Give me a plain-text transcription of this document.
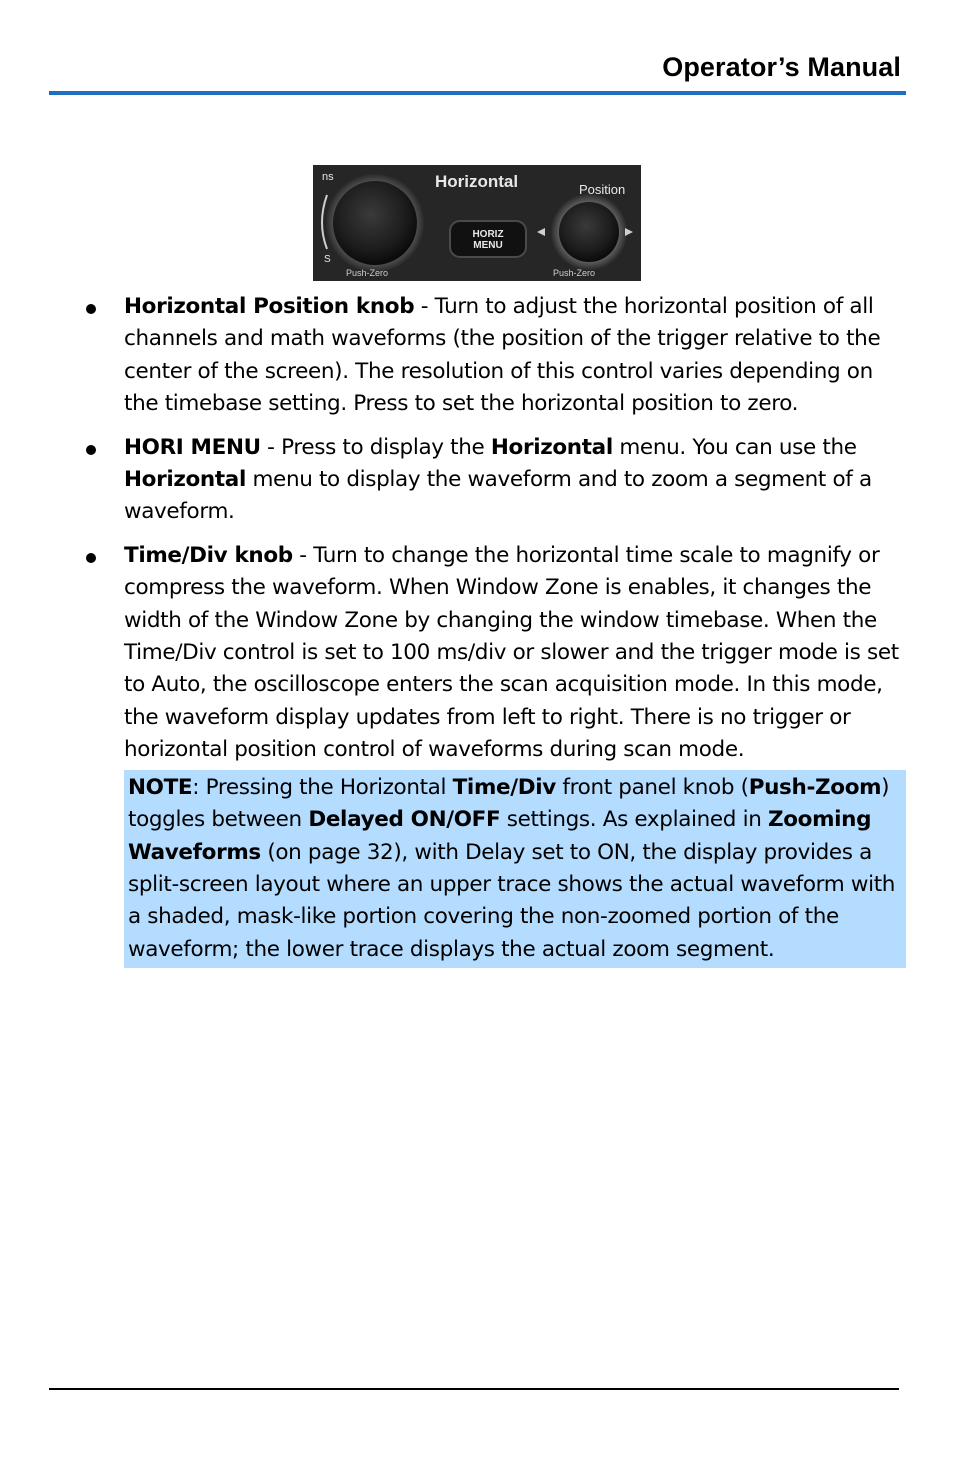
Operator’s Manual
HORIZ
MENU
Horizontal	Position
ns
S
Push-Zero	Push-Zero
Horizontal Position knob - Turn to adjust the horizontal position of all channels and math waveforms (the position of the trigger relative to the center of the screen). The resolution of this control varies depending on the timebase setting. Press to set the horizontal position to zero.
HORI MENU - Press to display the Horizontal menu. You can use the Horizontal menu to display the waveform and to zoom a segment of a waveform.
Time/Div knob - Turn to change the horizontal time scale to magnify or compress the waveform. When Window Zone is enables, it changes the width of the Window Zone by changing the window timebase. When the Time/Div control is set to 100 ms/div or slower and the trigger mode is set to Auto, the oscilloscope enters the scan acquisition mode. In this mode, the waveform display updates from left to right. There is no trigger or horizontal position control of waveforms during scan mode.
NOTE: Pressing the Horizontal Time/Div front panel knob (Push-Zoom) toggles between Delayed ON/OFF settings. As explained in Zooming Waveforms (on page 32), with Delay set to ON, the display provides a split-screen layout where an upper trace shows the actual waveform with a shaded, mask-like portion covering the non-zoomed portion of the waveform; the lower trace displays the actual zoom segment.
